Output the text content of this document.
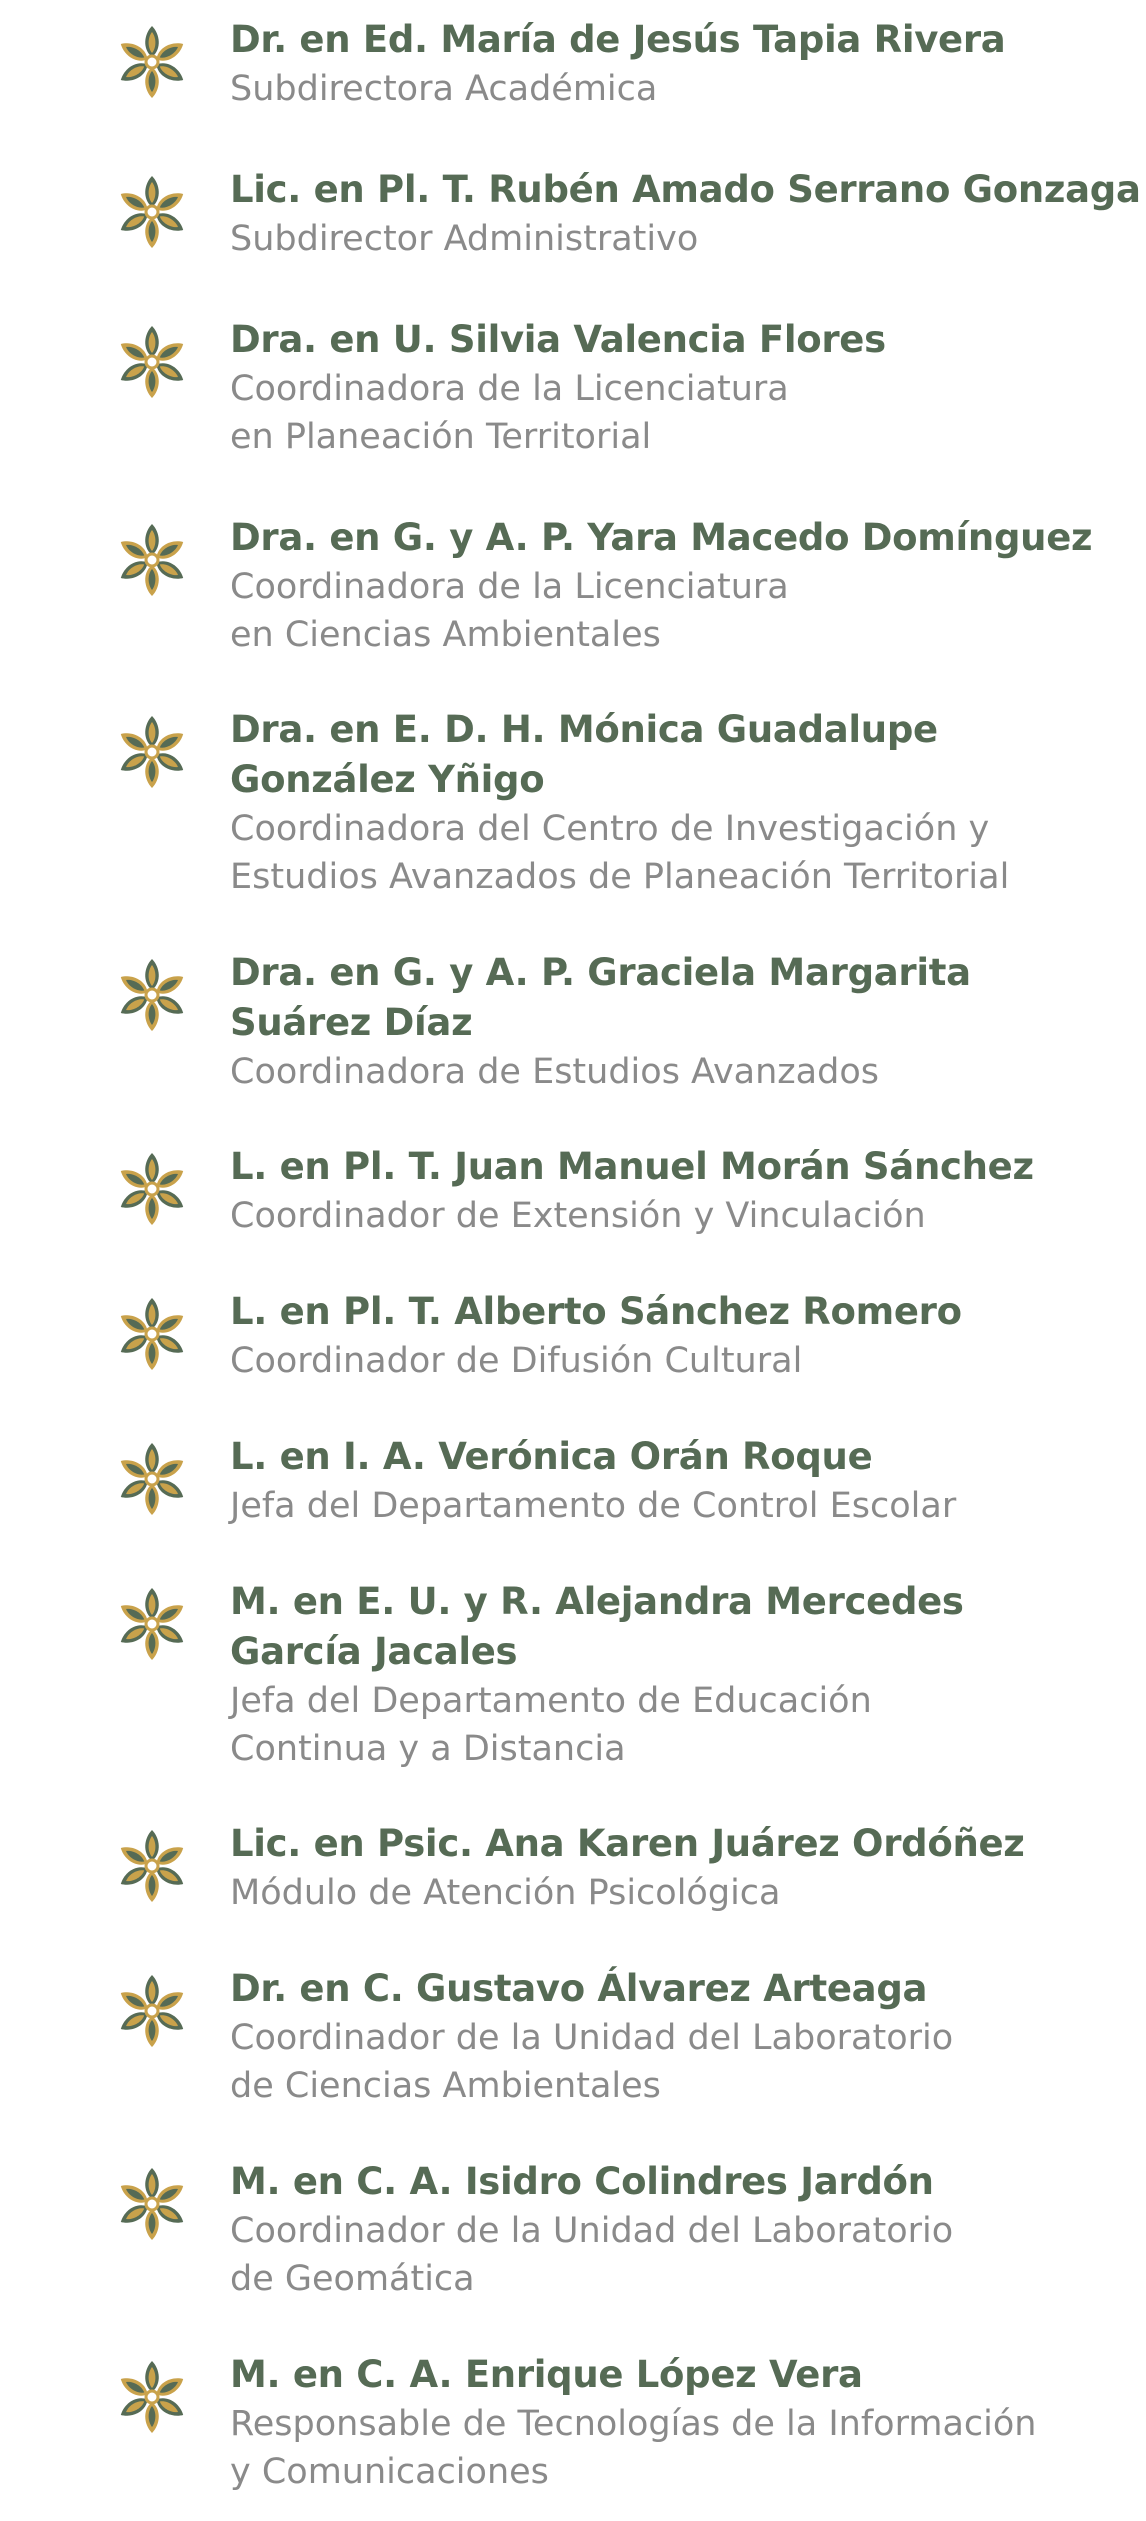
Dr. en Ed. María de Jesús Tapia Rivera
Subdirectora Académica
Lic. en Pl. T. Rubén Amado Serrano Gonzaga
Subdirector Administrativo
Dra. en U. Silvia Valencia Flores
Coordinadora de la Licenciatura
en Planeación Territorial
Dra. en G. y A. P. Yara Macedo Domínguez
Coordinadora de la Licenciatura
en Ciencias Ambientales
Dra. en E. D. H. Mónica Guadalupe
González Yñigo
Coordinadora del Centro de Investigación y
Estudios Avanzados de Planeación Territorial
Dra. en G. y A. P. Graciela Margarita
Suárez Díaz
Coordinadora de Estudios Avanzados
L. en Pl. T. Juan Manuel Morán Sánchez
Coordinador de Extensión y Vinculación
L. en Pl. T. Alberto Sánchez Romero
Coordinador de Difusión Cultural
L. en I. A. Verónica Orán Roque
Jefa del Departamento de Control Escolar
M. en E. U. y R. Alejandra Mercedes
García Jacales
Jefa del Departamento de Educación
Continua y a Distancia
Lic. en Psic. Ana Karen Juárez Ordóñez
Módulo de Atención Psicológica
Dr. en C. Gustavo Álvarez Arteaga
Coordinador de la Unidad del Laboratorio
de Ciencias Ambientales
M. en C. A. Isidro Colindres Jardón
Coordinador de la Unidad del Laboratorio
de Geomática
M. en C. A. Enrique López Vera
Responsable de Tecnologías de la Información
y Comunicaciones
